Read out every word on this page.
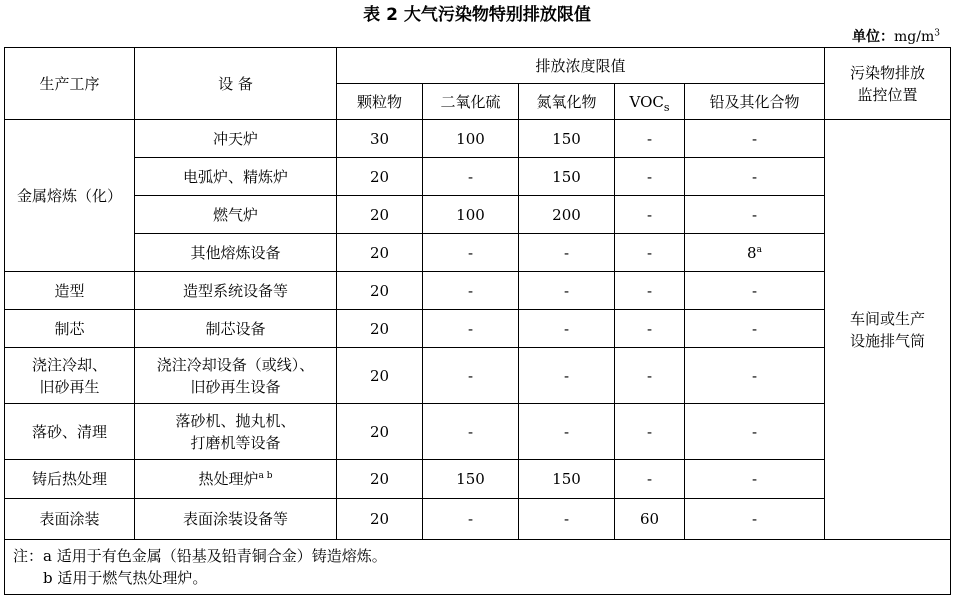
表 2 大气污染物特别排放限值
单位：$mg/m^3$
生产工序	设 备	排放浓度限值					污染物排放
监控位置

		颗粒物	二氧化硫	氮氧化物	$VOC_s$	铅及其化合物	
金属熔炼（化）	冲天炉	30	100	150	-	-	车间或生产
设施排气筒

	电弧炉、精炼炉	20	-	150	-	-	
	燃气炉	20	100	200	-	-	
	其他熔炼设备	20	-	-	-	8$^a$
造型	造型系统设备等	20	-	-	-	-	
制芯	制芯设备	20	-	-	-	-	

浇注冷却、
旧砂再生	浇注冷却设备（或线）、
旧砂再生设备	20	-	-	-	-	
落砂、清理	落砂机、抛丸机、
打磨机等设备	20	-	-	-	-	
铸后热处理	热处理炉$^{a b}$	20	150	150	-	-	
表面涂装	表面涂装设备等	20	-	-	60	-	

注：a 适用于有色金属（铅基及铅青铜合金）铸造熔炼。
　　b 适用于燃气热处理炉。							
